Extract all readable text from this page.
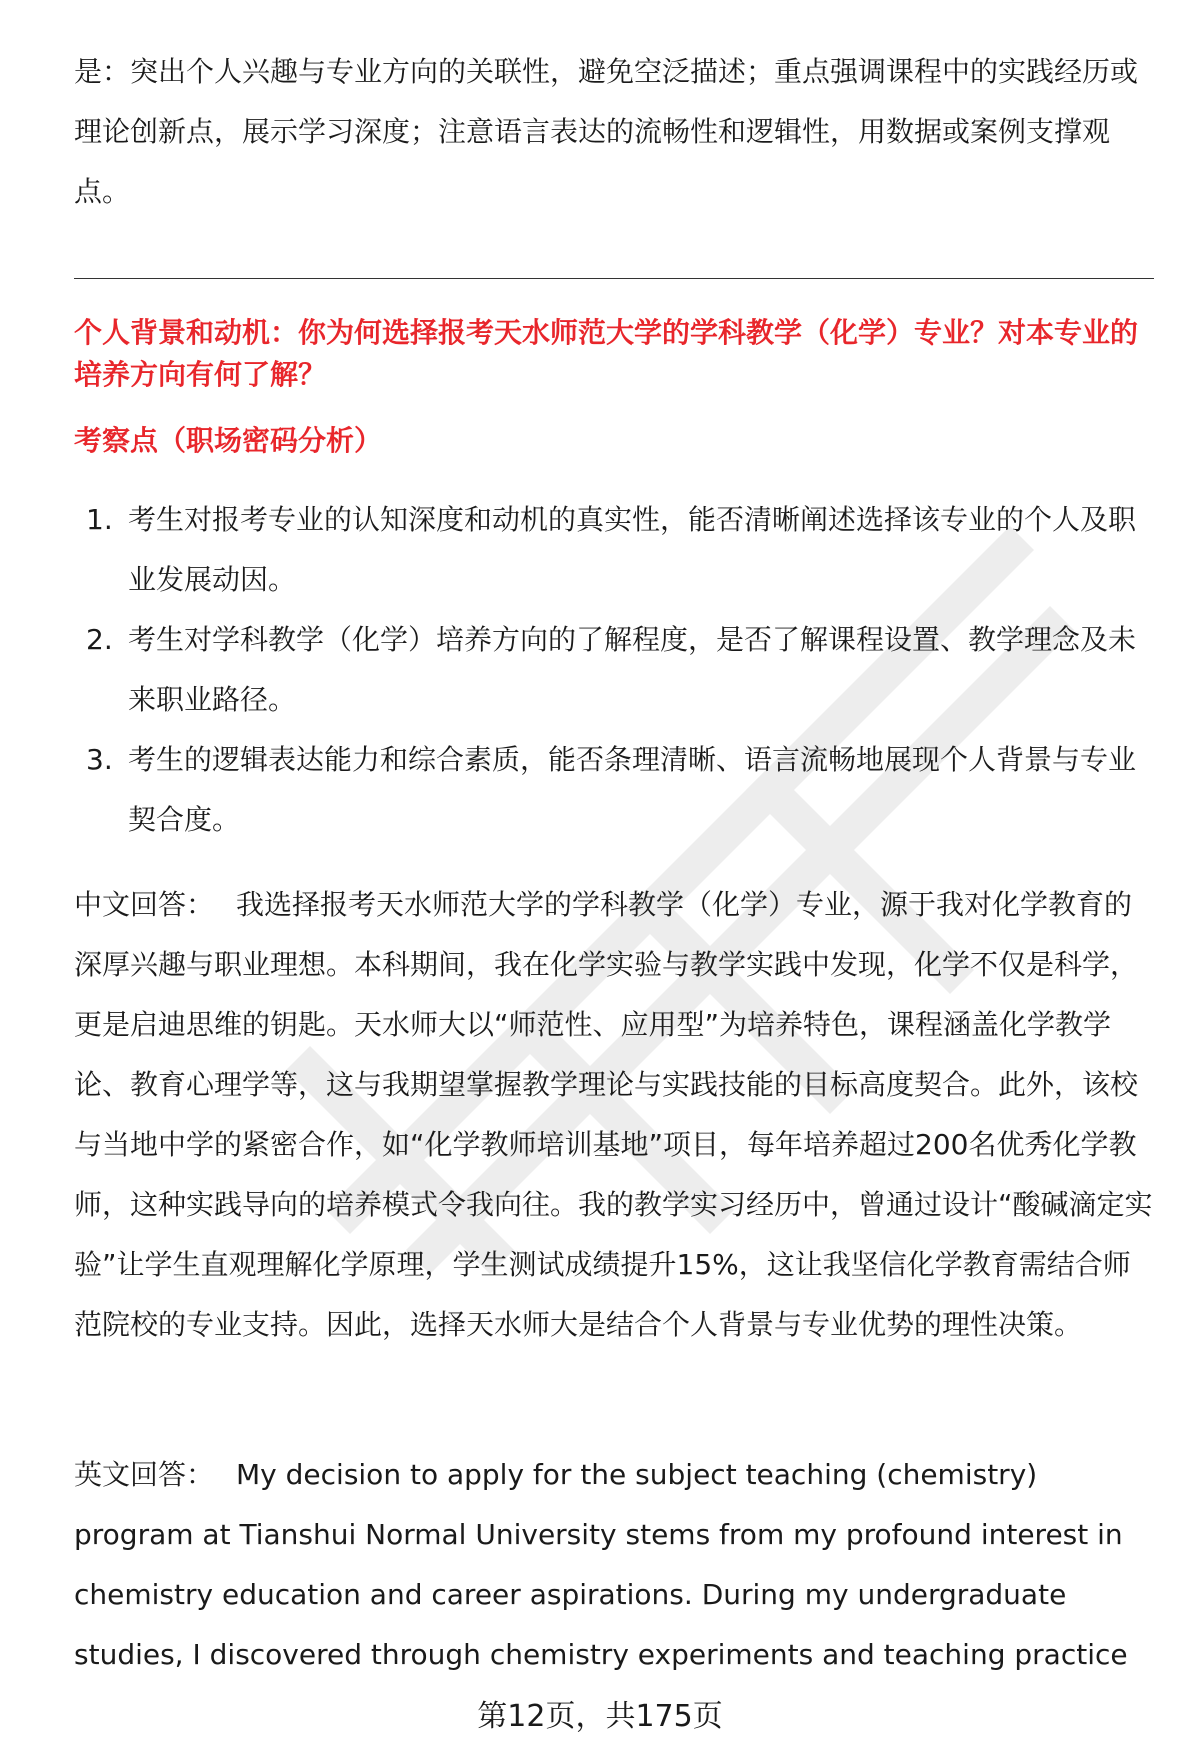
是：突出个人兴趣与专业方向的关联性，避免空泛描述；重点强调课程中的实践经历或理论创新点，展示学习深度；注意语言表达的流畅性和逻辑性，用数据或案例支撑观点。

个人背景和动机：你为何选择报考天水师范大学的学科教学（化学）专业？对本专业的培养方向有何了解？

考察点（职场密码分析）

1. 考生对报考专业的认知深度和动机的真实性，能否清晰阐述选择该专业的个人及职业发展动因。
2. 考生对学科教学（化学）培养方向的了解程度，是否了解课程设置、教学理念及未来职业路径。
3. 考生的逻辑表达能力和综合素质，能否条理清晰、语言流畅地展现个人背景与专业契合度。

中文回答： 我选择报考天水师范大学的学科教学（化学）专业，源于我对化学教育的深厚兴趣与职业理想。本科期间，我在化学实验与教学实践中发现，化学不仅是科学，更是启迪思维的钥匙。天水师大以“师范性、应用型”为培养特色，课程涵盖化学教学论、教育心理学等，这与我期望掌握教学理论与实践技能的目标高度契合。此外，该校与当地中学的紧密合作，如“化学教师培训基地”项目，每年培养超过200名优秀化学教师，这种实践导向的培养模式令我向往。我的教学实习经历中，曾通过设计“酸碱滴定实验”让学生直观理解化学原理，学生测试成绩提升15%，这让我坚信化学教育需结合师范院校的专业支持。因此，选择天水师大是结合个人背景与专业优势的理性决策。

英文回答： My decision to apply for the subject teaching (chemistry) program at Tianshui Normal University stems from my profound interest in chemistry education and career aspirations. During my undergraduate studies, I discovered through chemistry experiments and teaching practice

第12页，共175页
